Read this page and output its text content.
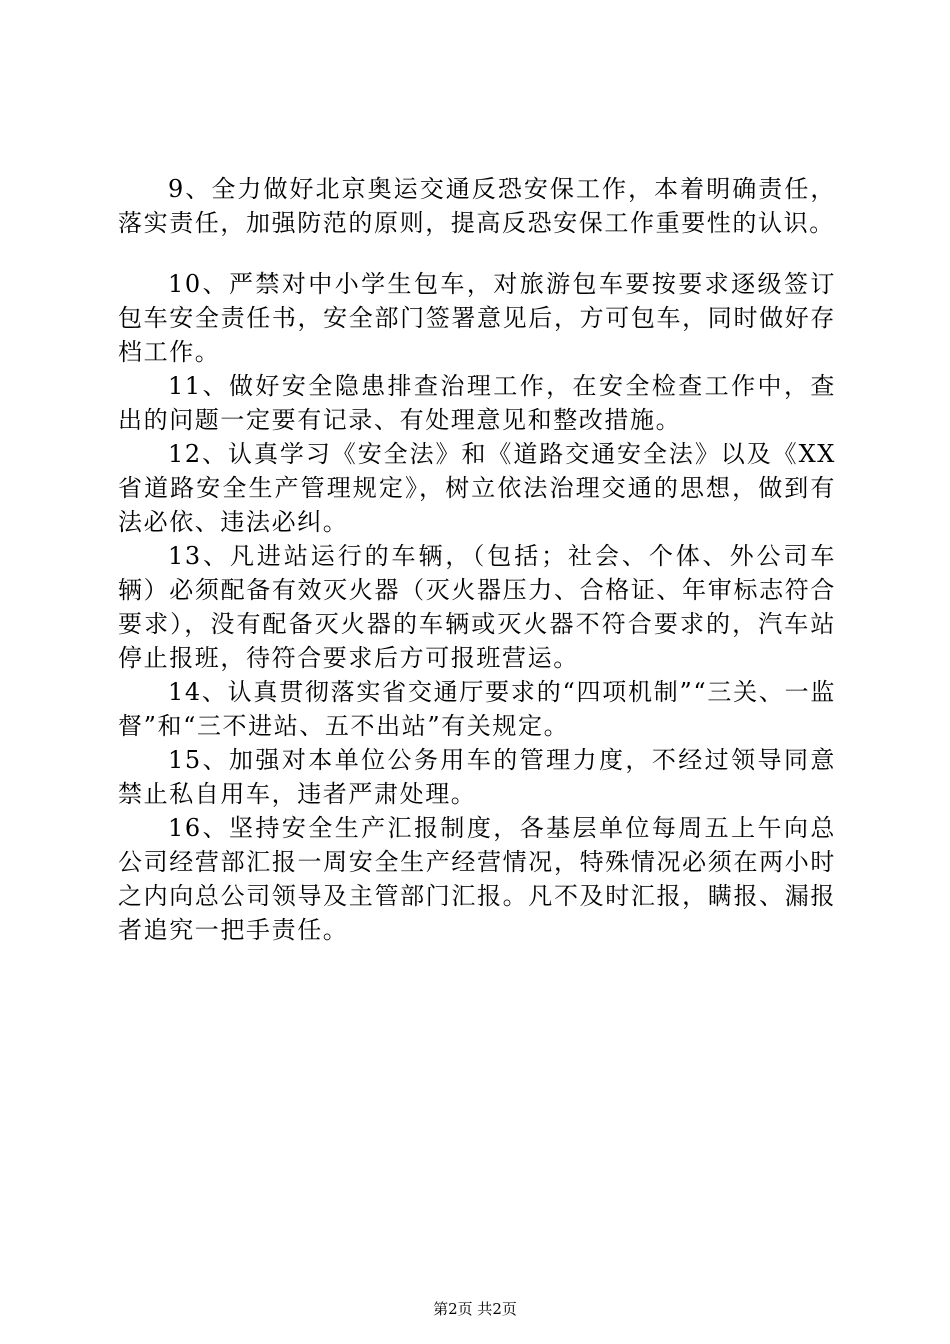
9、全力做好北京奥运交通反恐安保工作，本着明确责任，落实责任，加强防范的原则，提高反恐安保工作重要性的认识。

10、严禁对中小学生包车，对旅游包车要按要求逐级签订包车安全责任书，安全部门签署意见后，方可包车，同时做好存档工作。

11、做好安全隐患排查治理工作，在安全检查工作中，查出的问题一定要有记录、有处理意见和整改措施。

12、认真学习《安全法》和《道路交通安全法》以及《XX省道路安全生产管理规定》，树立依法治理交通的思想，做到有法必依、违法必纠。

13、凡进站运行的车辆，（包括；社会、个体、外公司车辆）必须配备有效灭火器（灭火器压力、合格证、年审标志符合要求），没有配备灭火器的车辆或灭火器不符合要求的，汽车站停止报班，待符合要求后方可报班营运。

14、认真贯彻落实省交通厅要求的“四项机制”“三关、一监督”和“三不进站、五不出站”有关规定。

15、加强对本单位公务用车的管理力度，不经过领导同意禁止私自用车，违者严肃处理。

16、坚持安全生产汇报制度，各基层单位每周五上午向总公司经营部汇报一周安全生产经营情况，特殊情况必须在两小时之内向总公司领导及主管部门汇报。凡不及时汇报，瞒报、漏报者追究一把手责任。

第2页 共2页
